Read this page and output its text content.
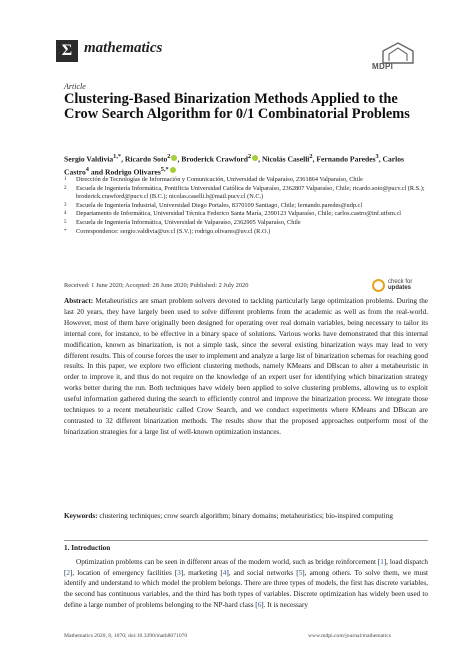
Σ mathematics
MDPI
Article
Clustering-Based Binarization Methods Applied to the Crow Search Algorithm for 0/1 Combinatorial Problems
Sergio Valdivia$^{1,*}$, Ricardo Soto$^2$ , Broderick Crawford$^2$ , Nicolás Caselli$^2$, Fernando Paredes$^3$, Carlos Castro$^4$ and Rodrigo Olivares$^{5,*}$
1	Dirección de Tecnologías de Información y Comunicación, Universidad de Valparaíso, 2361864 Valparaíso, Chile
2	Escuela de Ingeniería Informática, Pontificia Universidad Católica de Valparaíso, 2362807 Valparaíso, Chile; ricardo.soto@pucv.cl (R.S.); broderick.crawford@pucv.cl (B.C.); nicolas.caselli.b@mail.pucv.cl (N.C.)
3	Escuela de Ingeniería Industrial, Universidad Diego Portales, 8370109 Santiago, Chile; fernando.paredes@udp.cl
4	Departamento de Informática, Universidad Técnica Federico Santa María, 2390123 Valparaíso, Chile; carlos.castro@inf.utfsm.cl
5	Escuela de Ingeniería Informática, Universidad de Valparaíso, 2362905 Valparaíso, Chile
*	Correspondence: sergio.valdivia@uv.cl (S.V.); rodrigo.olivares@uv.cl (R.O.)
Received: 1 June 2020; Accepted: 28 June 2020; Published: 2 July 2020
check for
updates
Abstract: Metaheuristics are smart problem solvers devoted to tackling particularly large optimization problems. During the last 20 years, they have largely been used to solve different problems from the academic as well as from the real-world. However, most of them have originally been designed for operating over real domain variables, being necessary to tailor its internal core, for instance, to be effective in a binary space of solutions. Various works have demonstrated that this internal modification, known as binarization, is not a simple task, since the several existing binarization ways may lead to very different results. This of course forces the user to implement and analyze a large list of binarization schemas for reaching good results. In this paper, we explore two efficient clustering methods, namely KMeans and DBscan to alter a metaheuristic in order to improve it, and thus do not require on the knowledge of an expert user for identifying which binarization strategy works better during the run. Both techniques have widely been applied to solve clustering problems, allowing us to exploit useful information gathered during the search to efficiently control and improve the binarization process. We integrate those techniques to a recent metaheuristic called Crow Search, and we conduct experiments where KMeans and DBscan are contrasted to 32 different binarization methods. The results show that the proposed approaches outperform most of the binarization strategies for a large list of well-known optimization instances.
Keywords: clustering techniques; crow search algorithm; binary domains; metaheuristics; bio-inspired computing
1. Introduction
Optimization problems can be seen in different areas of the modern world, such as bridge reinforcement [1], load dispatch [2], location of emergency facilities [3], marketing [4], and social networks [5], among others. To solve them, we must identify and understand to which model the problem belongs. There are three types of models, the first has discrete variables, the second has continuous variables, and the third has both types of variables. Discrete optimization has widely been used to define a large number of problems belonging to the NP-hard class [6]. It is necessary
Mathematics 2020, 8, 1070; doi:10.3390/math8071070	www.mdpi.com/journal/mathematics
